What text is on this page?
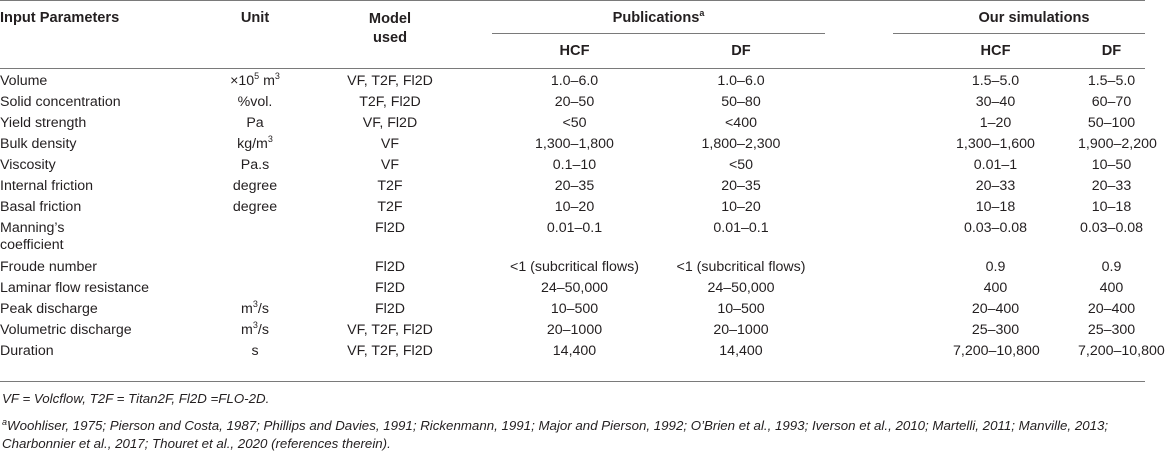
Input Parameters	Unit	Model
used		Publications$^a$			Our simulations	
				HCF	DF		HCF	DF
Volume	$\times 10^5$ $m^3$	VF, T2F, Fl2D		1.0–6.0	1.0–6.0		1.5–5.0	1.5–5.0
Solid concentration	%vol.	T2F, Fl2D		20–50	50–80		30–40	60–70
Yield strength	Pa	VF, Fl2D		<50	<400		1–20	50–100
Bulk density	$kg/m^3$	VF		1,300–1,800	1,800–2,300		1,300–1,600	1,900–2,200
Viscosity	Pa.s	VF		0.1–10	<50		0.01–1	10–50
Internal friction	degree	T2F		20–35	20–35		20–33	20–33
Basal friction	degree	T2F		10–20	10–20		10–18	10–18

Manning’s
coefficient		Fl2D		0.01–0.1	0.01–0.1		0.03–0.08	0.03–0.08
Froude number		Fl2D		<1 (subcritical flows)	<1 (subcritical flows)		0.9	0.9
Laminar flow resistance		Fl2D		24–50,000	24–50,000		400	400
Peak discharge	$m^3/s$	Fl2D		10–500	10–500		20–400	20–400
Volumetric discharge	$m^3/s$	VF, T2F, Fl2D		20–1000	20–1000		25–300	25–300
Duration	s	VF, T2F, Fl2D		14,400	14,400		7,200–10,800	7,200–10,800

VF = Volcflow, T2F = Titan2F, Fl2D =FLO-2D.

$^a$Woohliser, 1975; Pierson and Costa, 1987; Phillips and Davies, 1991; Rickenmann, 1991; Major and Pierson, 1992; O’Brien et al., 1993; Iverson et al., 2010; Martelli, 2011; Manville, 2013; Charbonnier et al., 2017; Thouret et al., 2020 (references therein).
